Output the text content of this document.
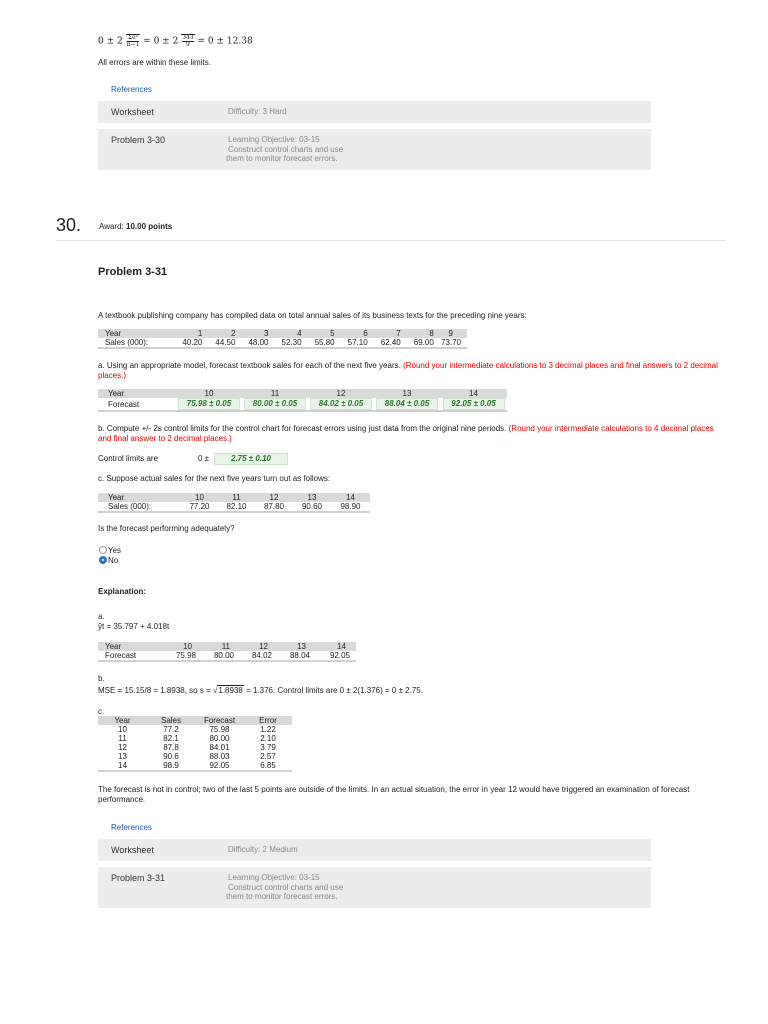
$0 \pm 2 \frac{\text{Σe²}}{n-1} = 0 \pm 2 \frac{343}{9} = 0 \pm 12.38$
All errors are within these limits.
References
Worksheet	Difficulty: 3 Hard
Problem 3-30	Learning Objective: 03-15
Construct control charts and use
them to monitor forecast errors.
30. Award: 10.00 points
Problem 3-31
A textbook publishing company has compiled data on total annual sales of its business texts for the preceding nine years:
Year	1	2	3	4	5	6	7	8	9
Sales (000):	40.20	44.50	48.00	52.30	55.80	57.10	62.40	69.00	73.70
a. Using an appropriate model, forecast textbook sales for each of the next five years. (Round your intermediate calculations to 3 decimal places and final answers to 2 decimal places.)
Year	10	11	12	13	14
Forecast	75.98 ± 0.05	80.00 ± 0.05	84.02 ± 0.05	88.04 ± 0.05	92.05 ± 0.05
b. Compute +/- 2s control limits for the control chart for forecast errors using just data from the original nine periods. (Round your intermediate calculations to 4 decimal places and final answer to 2 decimal places.)
Control limits are	0 ±	2.75 ± 0.10
c. Suppose actual sales for the next five years turn out as follows:
Year	10	11	12	13	14
Sales (000):	77.20	82.10	87.80	90.60	98.90
Is the forecast performing adequately?
Yes
No
Explanation:
a.
ŷt = 35.797 + 4.018t
Year	10	11	12	13	14
Forecast	75.98	80.00	84.02	88.04	92.05
b.
MSE = 15.15/8 = 1.8938, so s = √1.8938 = 1.376. Control limits are 0 ± 2(1.376) = 0 ± 2.75.
c.
Year	Sales	Forecast	Error
10	77.2	75.98	1.22
11	82.1	80.00	2.10
12	87.8	84.01	3.79
13	90.6	88.03	2.57
14	98.9	92.05	6.85
The forecast is not in control; two of the last 5 points are outside of the limits. In an actual situation, the error in year 12 would have triggered an examination of forecast performance.
References
Worksheet	Difficulty: 2 Medium
Problem 3-31	Learning Objective: 03-15
Construct control charts and use
them to monitor forecast errors.
